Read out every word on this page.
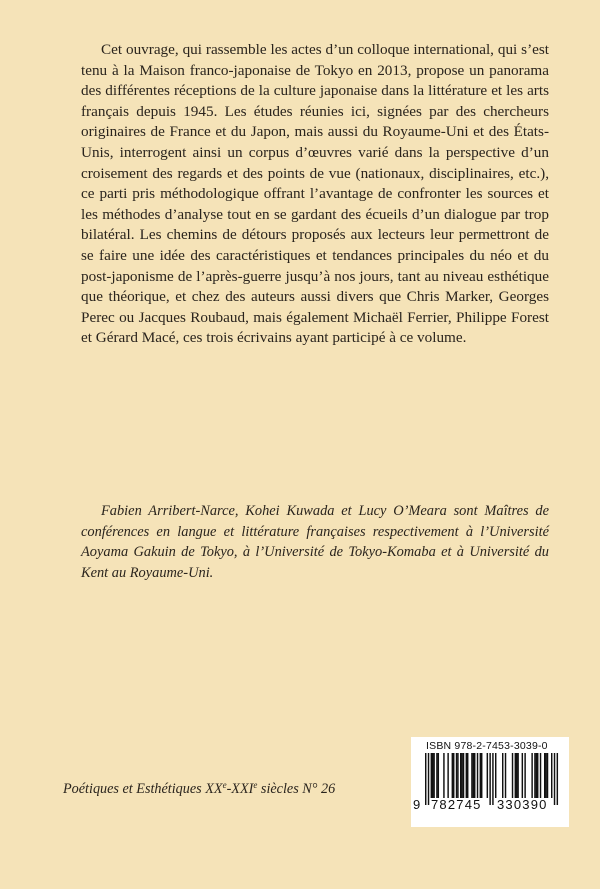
Cet ouvrage, qui rassemble les actes d’un colloque international, qui s’est tenu à la Maison franco-japonaise de Tokyo en 2013, propose un panorama des différentes réceptions de la culture japonaise dans la littérature et les arts français depuis 1945. Les études réunies ici, signées par des chercheurs originaires de France et du Japon, mais aussi du Royaume-Uni et des États-Unis, interrogent ainsi un corpus d’œuvres varié dans la perspective d’un croisement des regards et des points de vue (nationaux, disciplinaires, etc.), ce parti pris méthodologique offrant l’avantage de confronter les sources et les méthodes d’analyse tout en se gardant des écueils d’un dialogue par trop bilatéral. Les chemins de détours proposés aux lecteurs leur permettront de se faire une idée des caractéristiques et tendances principales du néo et du post-japonisme de l’après-guerre jusqu’à nos jours, tant au niveau esthétique que théorique, et chez des auteurs aussi divers que Chris Marker, Georges Perec ou Jacques Roubaud, mais également Michaël Ferrier, Philippe Forest et Gérard Macé, ces trois écrivains ayant participé à ce volume.

Fabien Arribert-Narce, Kohei Kuwada et Lucy O’Meara sont Maîtres de conférences en langue et littérature françaises respectivement à l’Université Aoyama Gakuin de Tokyo, à l’Université de Tokyo-Komaba et à Université du Kent au Royaume-Uni.

Poétiques et Esthétiques XXe-XXIe siècles N° 26
ISBN 978-2-7453-3039-0
9 782745 330390
